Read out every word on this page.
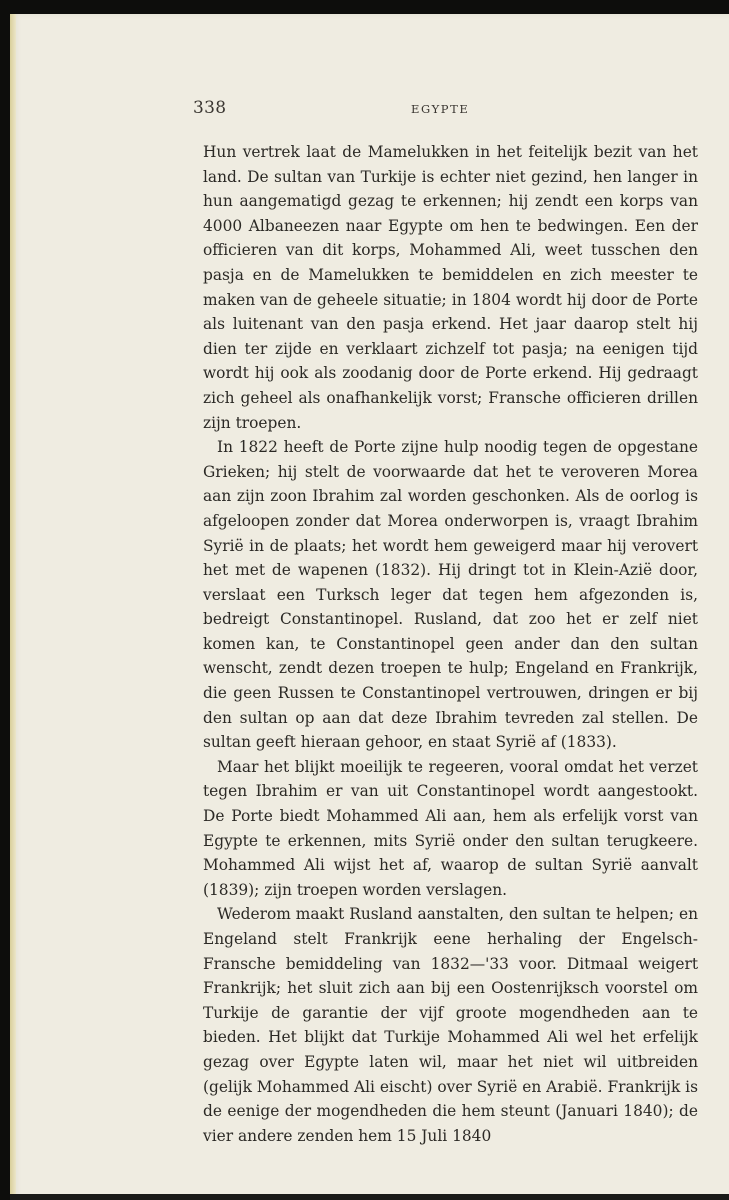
338	EGYPTE

Hun vertrek laat de Mamelukken in het feitelijk bezit van het land. De sultan van Turkije is echter niet gezind, hen langer in hun aangematigd gezag te erkennen; hij zendt een korps van 4000 Albaneezen naar Egypte om hen te bedwingen. Een der officieren van dit korps, Mohammed Ali, weet tusschen den pasja en de Mamelukken te bemiddelen en zich meester te maken van de geheele situatie; in 1804 wordt hij door de Porte als luitenant van den pasja erkend. Het jaar daarop stelt hij dien ter zijde en verklaart zichzelf tot pasja; na eenigen tijd wordt hij ook als zoodanig door de Porte erkend. Hij gedraagt zich geheel als onafhankelijk vorst; Fransche officieren drillen zijn troepen.

In 1822 heeft de Porte zijne hulp noodig tegen de opgestane Grieken; hij stelt de voorwaarde dat het te veroveren Morea aan zijn zoon Ibrahim zal worden geschonken. Als de oorlog is afgeloopen zonder dat Morea onderworpen is, vraagt Ibrahim Syrië in de plaats; het wordt hem geweigerd maar hij verovert het met de wapenen (1832). Hij dringt tot in Klein-Azië door, verslaat een Turksch leger dat tegen hem afgezonden is, bedreigt Constantinopel. Rusland, dat zoo het er zelf niet komen kan, te Constantinopel geen ander dan den sultan wenscht, zendt dezen troepen te hulp; Engeland en Frankrijk, die geen Russen te Constantinopel vertrouwen, dringen er bij den sultan op aan dat deze Ibrahim tevreden zal stellen. De sultan geeft hieraan gehoor, en staat Syrië af (1833).

Maar het blijkt moeilijk te regeeren, vooral omdat het verzet tegen Ibrahim er van uit Constantinopel wordt aangestookt. De Porte biedt Mohammed Ali aan, hem als erfelijk vorst van Egypte te erkennen, mits Syrië onder den sultan terugkeere. Mohammed Ali wijst het af, waarop de sultan Syrië aanvalt (1839); zijn troepen worden verslagen.

Wederom maakt Rusland aanstalten, den sultan te helpen; en Engeland stelt Frankrijk eene herhaling der Engelsch-Fransche bemiddeling van 1832—'33 voor. Ditmaal weigert Frankrijk; het sluit zich aan bij een Oostenrijksch voorstel om Turkije de garantie der vijf groote mogendheden aan te bieden. Het blijkt dat Turkije Mohammed Ali wel het erfelijk gezag over Egypte laten wil, maar het niet wil uitbreiden (gelijk Mohammed Ali eischt) over Syrië en Arabië. Frankrijk is de eenige der mogendheden die hem steunt (Januari 1840); de vier andere zenden hem 15 Juli 1840
